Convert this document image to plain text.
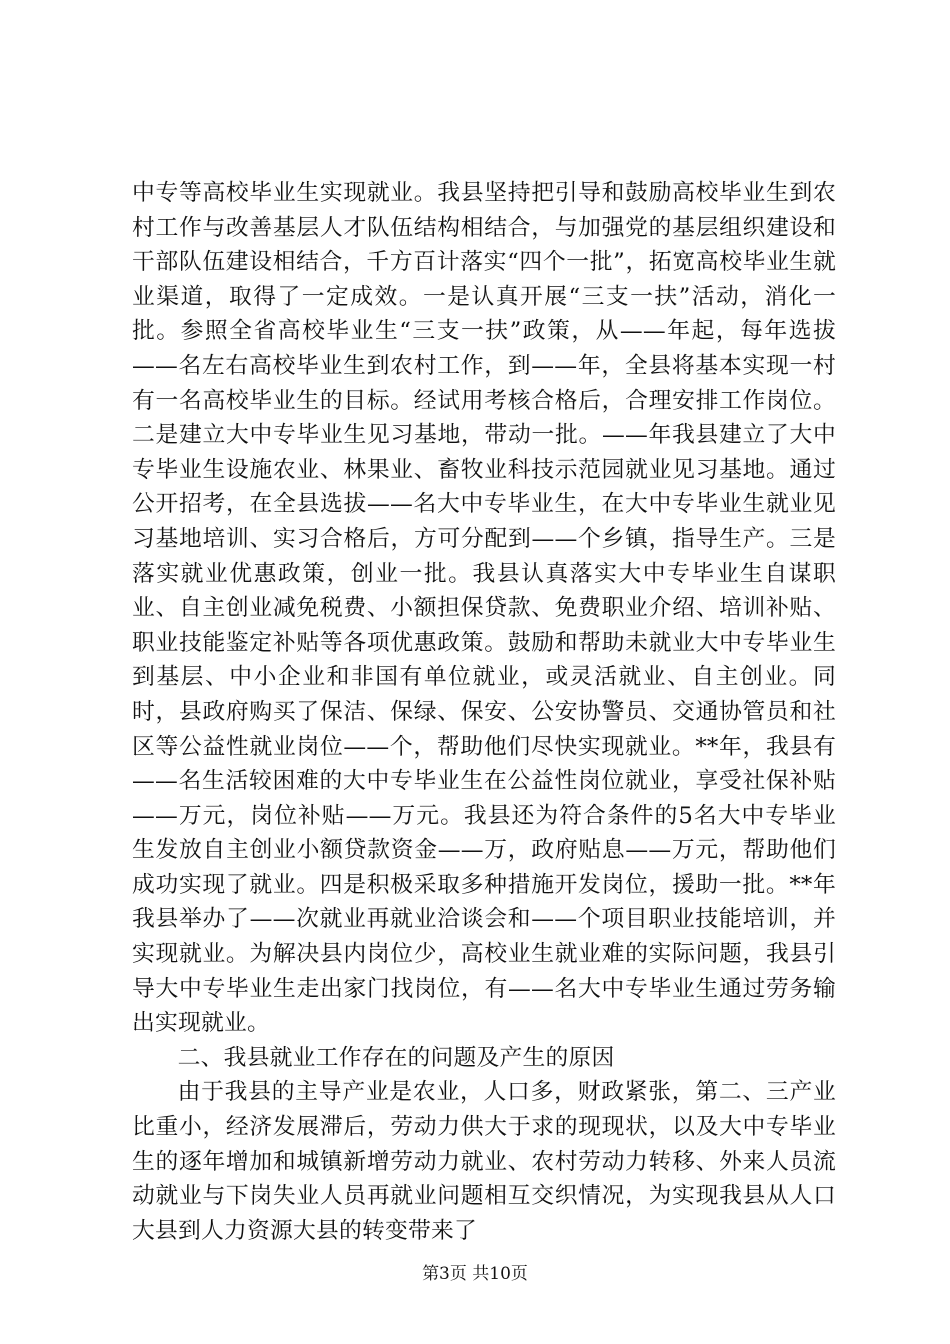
中专等高校毕业生实现就业。我县坚持把引导和鼓励高校毕业生到农村工作与改善基层人才队伍结构相结合，与加强党的基层组织建设和干部队伍建设相结合，千方百计落实“四个一批”，拓宽高校毕业生就业渠道，取得了一定成效。一是认真开展“三支一扶”活动，消化一批。参照全省高校毕业生“三支一扶”政策，从——年起，每年选拔——名左右高校毕业生到农村工作，到——年，全县将基本实现一村有一名高校毕业生的目标。经试用考核合格后，合理安排工作岗位。二是建立大中专毕业生见习基地，带动一批。——年我县建立了大中专毕业生设施农业、林果业、畜牧业科技示范园就业见习基地。通过公开招考，在全县选拔——名大中专毕业生，在大中专毕业生就业见习基地培训、实习合格后，方可分配到——个乡镇，指导生产。三是落实就业优惠政策，创业一批。我县认真落实大中专毕业生自谋职业、自主创业减免税费、小额担保贷款、免费职业介绍、培训补贴、职业技能鉴定补贴等各项优惠政策。鼓励和帮助未就业大中专毕业生到基层、中小企业和非国有单位就业，或灵活就业、自主创业。同时，县政府购买了保洁、保绿、保安、公安协警员、交通协管员和社区等公益性就业岗位——个，帮助他们尽快实现就业。**年，我县有——名生活较困难的大中专毕业生在公益性岗位就业，享受社保补贴——万元，岗位补贴——万元。我县还为符合条件的5名大中专毕业生发放自主创业小额贷款资金——万，政府贴息——万元，帮助他们成功实现了就业。四是积极采取多种措施开发岗位，援助一批。**年我县举办了——次就业再就业洽谈会和——个项目职业技能培训，并实现就业。为解决县内岗位少，高校业生就业难的实际问题，我县引导大中专毕业生走出家门找岗位，有——名大中专毕业生通过劳务输出实现就业。

二、我县就业工作存在的问题及产生的原因

由于我县的主导产业是农业，人口多，财政紧张，第二、三产业比重小，经济发展滞后，劳动力供大于求的现现状，以及大中专毕业生的逐年增加和城镇新增劳动力就业、农村劳动力转移、外来人员流动就业与下岗失业人员再就业问题相互交织情况，为实现我县从人口大县到人力资源大县的转变带来了

第3页 共10页
